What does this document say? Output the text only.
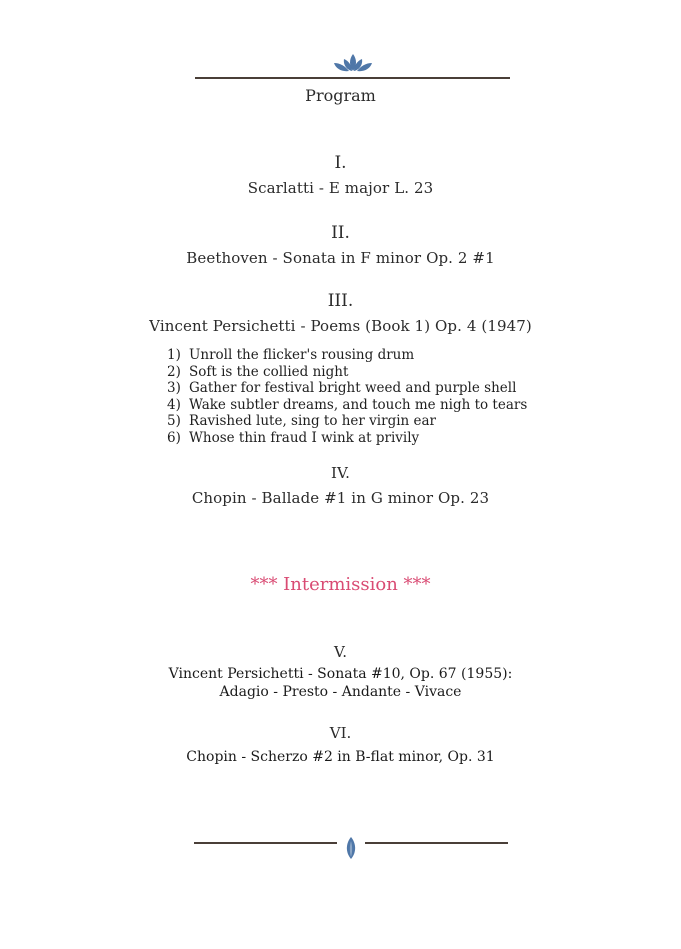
Program
I.
Scarlatti - E major L. 23
II.
Beethoven - Sonata in F minor Op. 2 #1
III.
Vincent Persichetti - Poems (Book 1) Op. 4 (1947)
1) Unroll the flicker's rousing drum
2) Soft is the collied night
3) Gather for festival bright weed and purple shell
4) Wake subtler dreams, and touch me nigh to tears
5) Ravished lute, sing to her virgin ear
6) Whose thin fraud I wink at privily
IV.
Chopin - Ballade #1 in G minor Op. 23
*** Intermission ***
V.
Vincent Persichetti - Sonata #10, Op. 67 (1955):
Adagio - Presto - Andante - Vivace
VI.
Chopin - Scherzo #2 in B-flat minor, Op. 31
